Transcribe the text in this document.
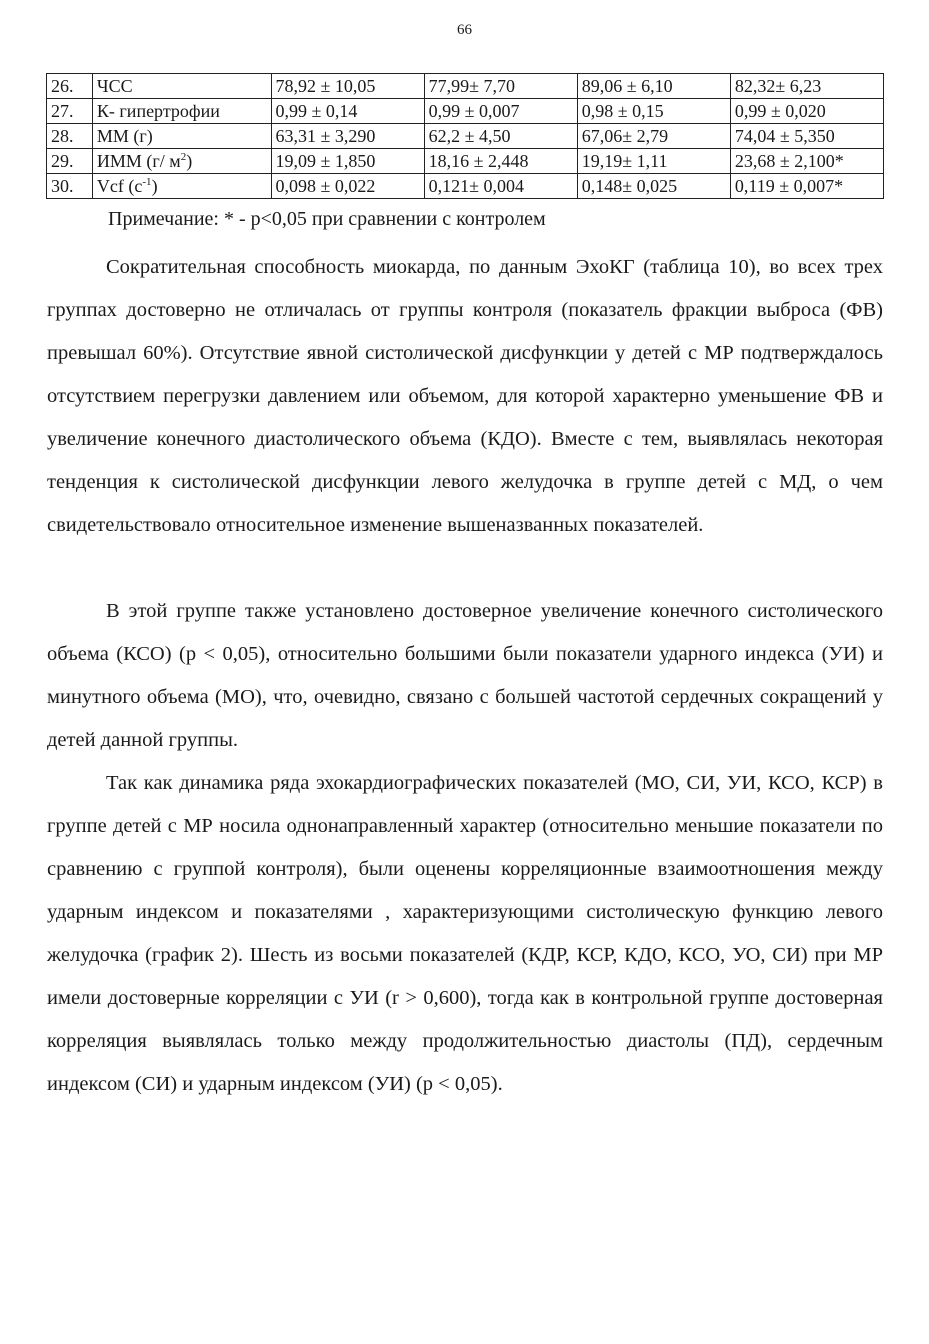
66
26.	ЧСС	78,92 ± 10,05	77,99± 7,70	89,06 ± 6,10	82,32± 6,23
27.	К- гипертрофии	0,99 ± 0,14	0,99 ± 0,007	0,98 ± 0,15	0,99 ± 0,020
28.	ММ (г)	63,31 ± 3,290	62,2 ± 4,50	67,06± 2,79	74,04 ± 5,350
29.	ИММ (г/ $м^2$)	19,09 ± 1,850	18,16 ± 2,448	19,19± 1,11	23,68 ± 2,100*
30.	Vcf $(c^{-1})$	0,098 ± 0,022	0,121± 0,004	0,148± 0,025	0,119 ± 0,007*
Примечание: * - р<0,05 при сравнении с контролем

Сократительная способность миокарда, по данным ЭхоКГ (таблица 10), во всех трех группах достоверно не отличалась от группы контроля (показатель фракции выброса (ФВ) превышал 60%). Отсутствие явной систолической дисфункции у детей с МР подтверждалось отсутствием перегрузки давлением или объемом, для которой характерно уменьшение ФВ и увеличение конечного диастолического объема (КДО). Вместе с тем, выявлялась некоторая тенденция к систолической дисфункции левого желудочка в группе детей с МД, о чем свидетельствовало относительное изменение вышеназванных показателей.

В этой группе также установлено достоверное увеличение конечного систолического объема (КСО) (р < 0,05), относительно большими были показатели ударного индекса (УИ) и минутного объема (МО), что, очевидно, связано с большей частотой сердечных сокращений у детей данной группы.

Так как динамика ряда эхокардиографических показателей (МО, СИ, УИ, КСО, КСР) в группе детей с МР носила однонаправленный характер (относительно меньшие показатели по сравнению с группой контроля), были оценены корреляционные взаимоотношения между ударным индексом и показателями , характеризующими систолическую функцию левого желудочка (график 2). Шесть из восьми показателей (КДР, КСР, КДО, КСО, УО, СИ) при МР имели достоверные корреляции с УИ (r > 0,600), тогда как в контрольной группе достоверная корреляция выявлялась только между продолжительностью диастолы (ПД), сердечным индексом (СИ) и ударным индексом (УИ) (р < 0,05).
